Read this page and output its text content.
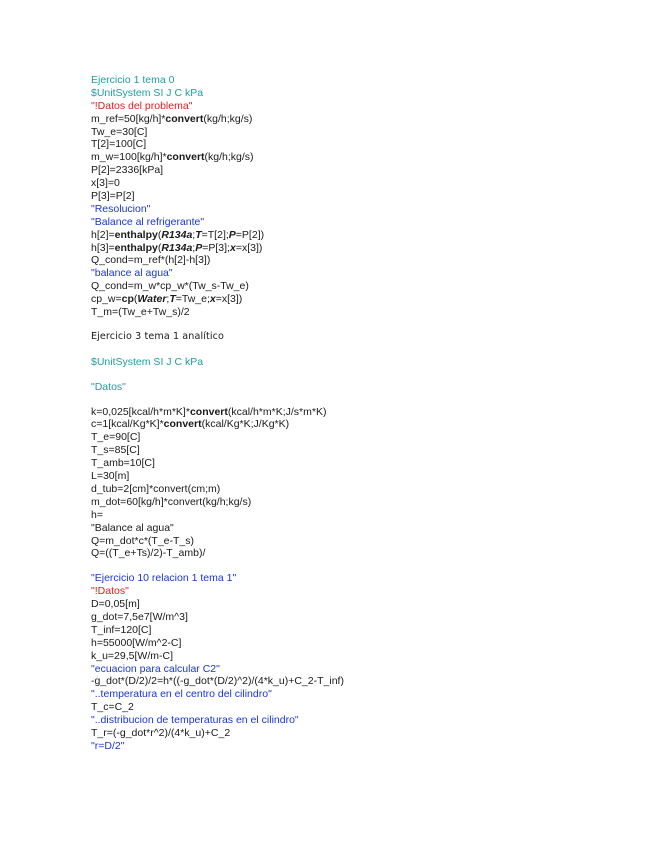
Ejercicio 1 tema 0
$UnitSystem SI J C kPa
"!Datos del problema"
m_ref=50[kg/h]*convert(kg/h;kg/s)
Tw_e=30[C]
T[2]=100[C]
m_w=100[kg/h]*convert(kg/h;kg/s)
P[2]=2336[kPa]
x[3]=0
P[3]=P[2]
"Resolucion"
"Balance al refrigerante"
h[2]=enthalpy(R134a;T=T[2];P=P[2])
h[3]=enthalpy(R134a;P=P[3];x=x[3])
Q_cond=m_ref*(h[2]-h[3])
"balance al agua"
Q_cond=m_w*cp_w*(Tw_s-Tw_e)
cp_w=cp(Water;T=Tw_e;x=x[3])
T_m=(Tw_e+Tw_s)/2
Ejercicio 3 tema 1 analítico
$UnitSystem SI J C kPa
"Datos"
k=0,025[kcal/h*m*K]*convert(kcal/h*m*K;J/s*m*K)
c=1[kcal/Kg*K]*convert(kcal/Kg*K;J/Kg*K)
T_e=90[C]
T_s=85[C]
T_amb=10[C]
L=30[m]
d_tub=2[cm]*convert(cm;m)
m_dot=60[kg/h]*convert(kg/h;kg/s)
h=
"Balance al agua"
Q=m_dot*c*(T_e-T_s)
Q=((T_e+Ts)/2)-T_amb)/
"Ejercicio 10 relacion 1 tema 1"
"!Datos"
D=0,05[m]
g_dot=7,5e7[W/m^3]
T_inf=120[C]
h=55000[W/m^2-C]
k_u=29,5[W/m-C]
"ecuacion para calcular C2"
-g_dot*(D/2)/2=h*((-g_dot*(D/2)^2)/(4*k_u)+C_2-T_inf)
"..temperatura en el centro del cilindro"
T_c=C_2
"..distribucion de temperaturas en el cilindro"
T_r=(-g_dot*r^2)/(4*k_u)+C_2
"r=D/2"
